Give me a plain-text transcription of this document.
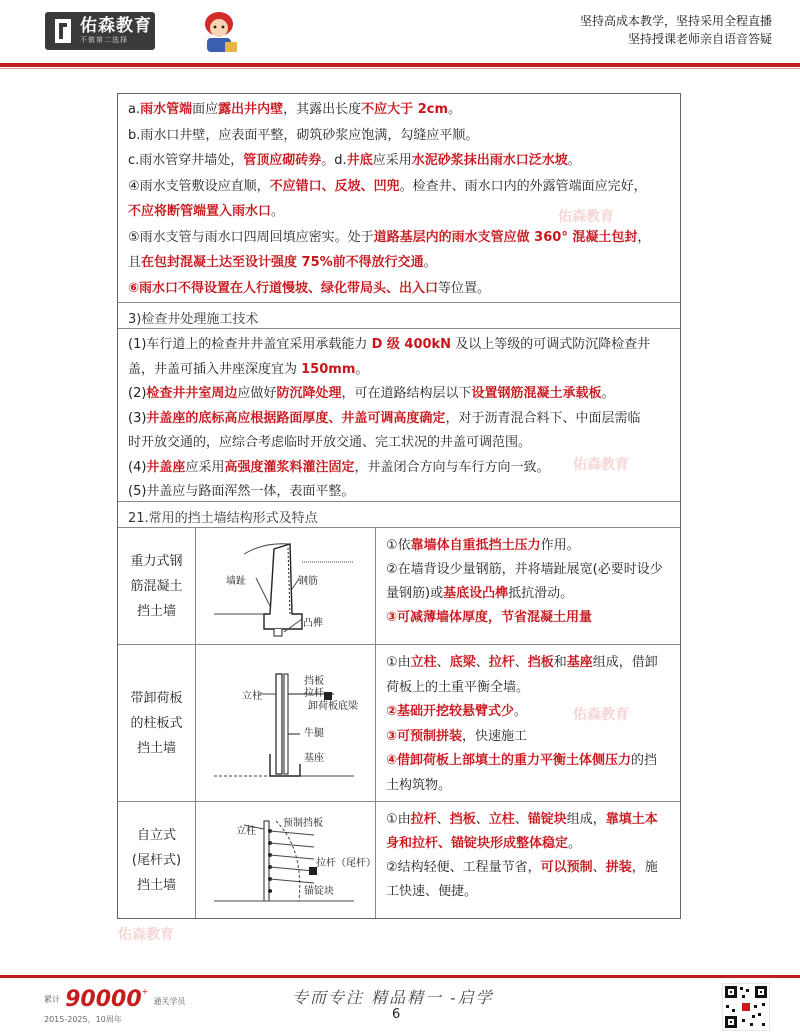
佑森教育
不做第二选择
坚持高成本教学，坚持采用全程直播
坚持授课老师亲自语音答疑
a.雨水管端面应露出井内壁，其露出长度不应大于 2cm。
b.雨水口井壁，应表面平整，砌筑砂浆应饱满，勾缝应平顺。
c.雨水管穿井墙处，管顶应砌砖券。d.井底应采用水泥砂浆抹出雨水口泛水坡。
④雨水支管敷设应直顺，不应错口、反坡、凹兜。检查井、雨水口内的外露管端面应完好，
不应将断管端置入雨水口。
⑤雨水支管与雨水口四周回填应密实。处于道路基层内的雨水支管应做 360° 混凝土包封，
且在包封混凝土达至设计强度 75%前不得放行交通。
⑥雨水口不得设置在人行道慢坡、绿化带局头、出入口等位置。
3)检查井处理施工技术
(1)车行道上的检查井井盖宜采用承载能力 D 级 400kN 及以上等级的可调式防沉降检查井
盖，井盖可插入井座深度宜为 150mm。
(2)检查井井室周边应做好防沉降处理，可在道路结构层以下设置钢筋混凝土承载板。
(3)井盖座的底标高应根据路面厚度、井盖可调高度确定，对于沥青混合料下、中面层需临
时开放交通的，应综合考虑临时开放交通、完工状况的井盖可调范围。
(4)井盖座应采用高强度灌浆料灌注固定，井盖闭合方向与车行方向一致。
(5)井盖应与路面浑然一体，表面平整。
21.常用的挡土墙结构形式及特点
墙趾	钢筋
凸榫
立柱
挡板
拉杆
卸荷板底梁
牛腿
基座
预制挡板
立柱
拉杆（尾杆）
锚锭块
重力式钢
筋混凝土
挡土墙
①依靠墙体自重抵挡土压力作用。
②在墙背设少量钢筋，并将墙趾展宽(必要时设少
量钢筋)或基底设凸榫抵抗滑动。
③可减薄墙体厚度，节省混凝土用量
带卸荷板
的柱板式
挡土墙
①由立柱、底梁、拉杆、挡板和基座组成，借卸
荷板上的土重平衡全墙。
②基础开挖较悬臂式少。
③可预制拼装，快速施工
④借卸荷板上部填土的重力平衡土体侧压力的挡
土构筑物。
自立式
(尾杆式)
挡土墙
①由拉杆、挡板、立柱、锚锭块组成，靠填土本
身和拉杆、锚锭块形成整体稳定。
②结构轻便、工程量节省，可以预制、拼装，施
工快速、便捷。
佑森教育
佑森教育
佑森教育
佑森教育
累计 90000+ 通关学员
2015-2025，10周年
专而专注 精品精一 -启学
6
